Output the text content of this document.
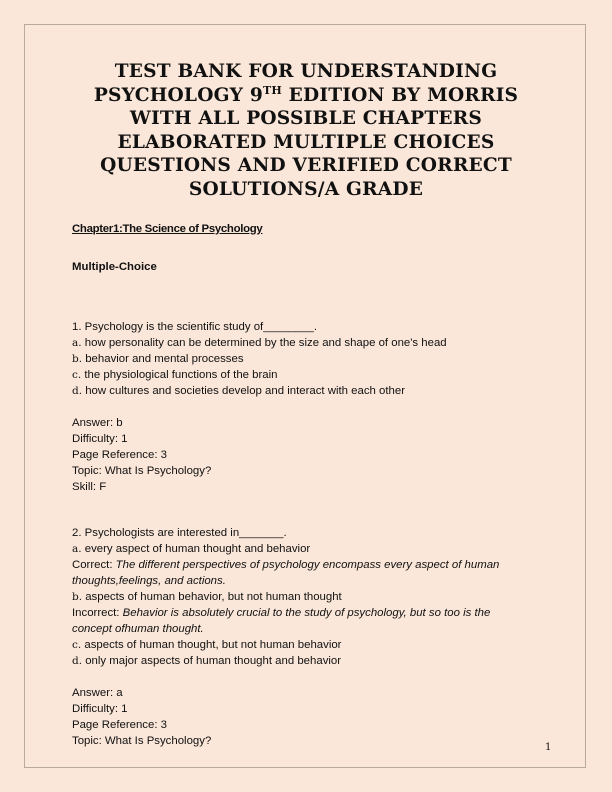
TEST BANK FOR UNDERSTANDING
PSYCHOLOGY 9TH EDITION BY MORRIS
WITH ALL POSSIBLE CHAPTERS
ELABORATED MULTIPLE CHOICES
QUESTIONS AND VERIFIED CORRECT
SOLUTIONS/A GRADE

Chapter1:The Science of Psychology

Multiple-Choice

1. Psychology is the scientific study of________.
a. how personality can be determined by the size and shape of one's head
b. behavior and mental processes
c. the physiological functions of the brain
d. how cultures and societies develop and interact with each other
Answer: b
Difficulty: 1
Page Reference: 3
Topic: What Is Psychology?
Skill: F
2. Psychologists are interested in_______.
a. every aspect of human thought and behavior
Correct: The different perspectives of psychology encompass every aspect of human
thoughts,feelings, and actions.
b. aspects of human behavior, but not human thought
Incorrect: Behavior is absolutely crucial to the study of psychology, but so too is the
concept ofhuman thought.
c. aspects of human thought, but not human behavior
d. only major aspects of human thought and behavior
Answer: a
Difficulty: 1
Page Reference: 3
Topic: What Is Psychology?
1
